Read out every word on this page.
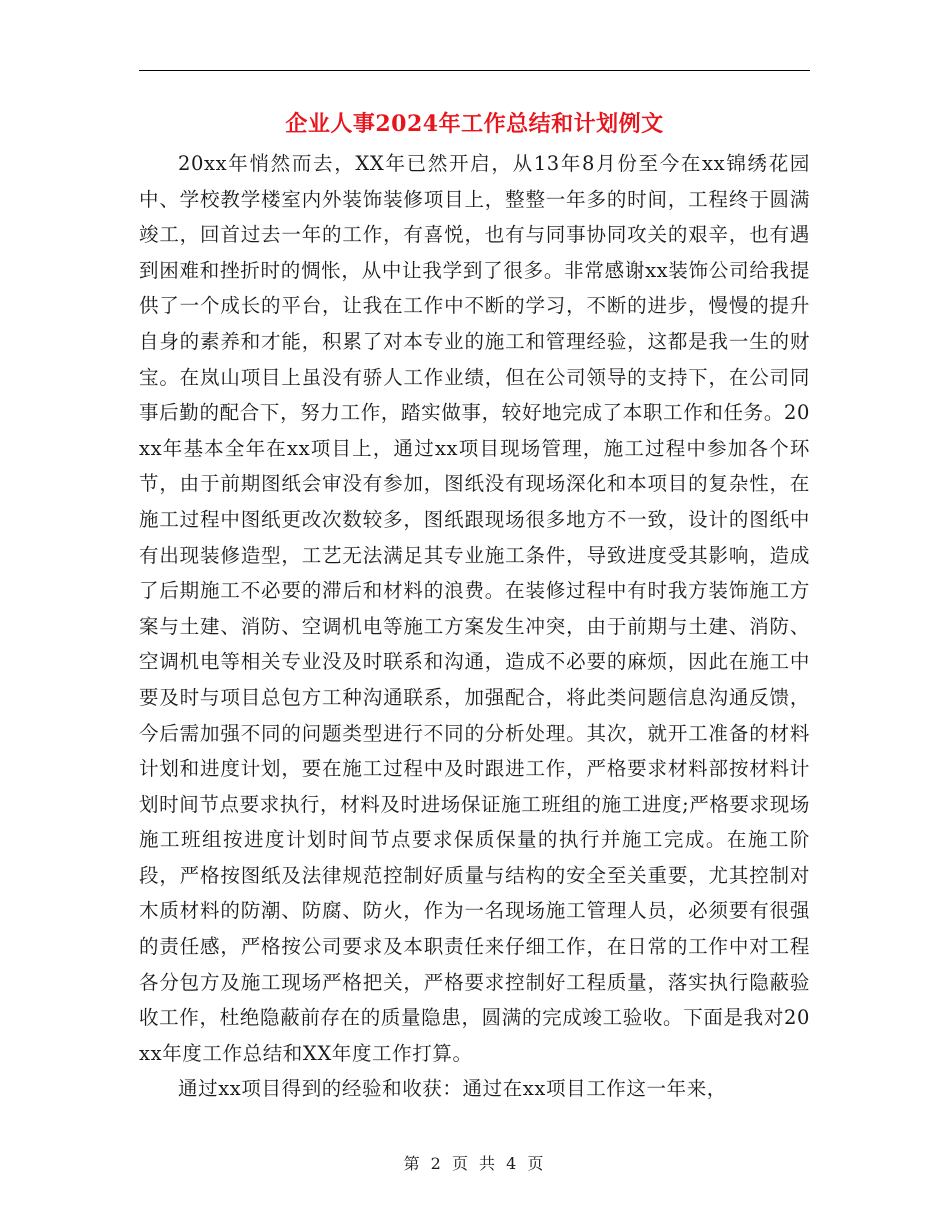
企业人事2024年工作总结和计划例文

20xx年悄然而去，XX年已然开启，从13年8月份至今在xx锦绣花园中、学校教学楼室内外装饰装修项目上，整整一年多的时间，工程终于圆满竣工，回首过去一年的工作，有喜悦，也有与同事协同攻关的艰辛，也有遇到困难和挫折时的惆怅，从中让我学到了很多。非常感谢xx装饰公司给我提供了一个成长的平台，让我在工作中不断的学习，不断的进步，慢慢的提升自身的素养和才能，积累了对本专业的施工和管理经验，这都是我一生的财宝。在岚山项目上虽没有骄人工作业绩，但在公司领导的支持下，在公司同事后勤的配合下，努力工作，踏实做事，较好地完成了本职工作和任务。20xx年基本全年在xx项目上，通过xx项目现场管理，施工过程中参加各个环节，由于前期图纸会审没有参加，图纸没有现场深化和本项目的复杂性，在施工过程中图纸更改次数较多，图纸跟现场很多地方不一致，设计的图纸中有出现装修造型，工艺无法满足其专业施工条件，导致进度受其影响，造成了后期施工不必要的滞后和材料的浪费。在装修过程中有时我方装饰施工方案与土建、消防、空调机电等施工方案发生冲突，由于前期与土建、消防、空调机电等相关专业没及时联系和沟通，造成不必要的麻烦，因此在施工中要及时与项目总包方工种沟通联系，加强配合，将此类问题信息沟通反馈，今后需加强不同的问题类型进行不同的分析处理。其次，就开工准备的材料计划和进度计划，要在施工过程中及时跟进工作，严格要求材料部按材料计划时间节点要求执行，材料及时进场保证施工班组的施工进度;严格要求现场施工班组按进度计划时间节点要求保质保量的执行并施工完成。在施工阶段，严格按图纸及法律规范控制好质量与结构的安全至关重要，尤其控制对木质材料的防潮、防腐、防火，作为一名现场施工管理人员，必须要有很强的责任感，严格按公司要求及本职责任来仔细工作，在日常的工作中对工程各分包方及施工现场严格把关，严格要求控制好工程质量，落实执行隐蔽验收工作，杜绝隐蔽前存在的质量隐患，圆满的完成竣工验收。下面是我对20xx年度工作总结和XX年度工作打算。

通过xx项目得到的经验和收获：通过在xx项目工作这一年来，

第 2 页 共 4 页
